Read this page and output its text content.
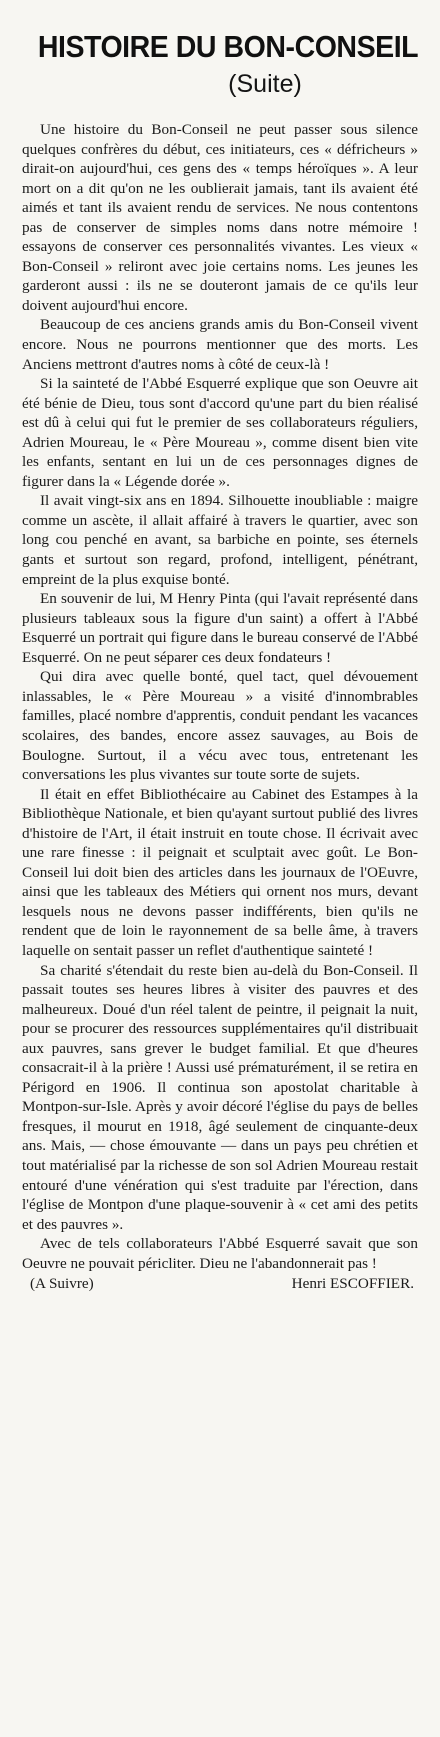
HISTOIRE DU BON-CONSEIL
(Suite)

Une histoire du Bon-Conseil ne peut passer sous silence quelques confrères du début, ces initiateurs, ces « défricheurs » dirait-on aujourd'hui, ces gens des « temps héroïques ». A leur mort on a dit qu'on ne les oublierait jamais, tant ils avaient été aimés et tant ils avaient rendu de services. Ne nous contentons pas de conserver de simples noms dans notre mémoire ! essayons de conserver ces personnalités vivantes. Les vieux « Bon-Conseil » reliront avec joie certains noms. Les jeunes les garderont aussi : ils ne se douteront jamais de ce qu'ils leur doivent aujourd'hui encore.

Beaucoup de ces anciens grands amis du Bon-Conseil vivent encore. Nous ne pourrons mentionner que des morts. Les Anciens mettront d'autres noms à côté de ceux-là !

Si la sainteté de l'Abbé Esquerré explique que son Oeuvre ait été bénie de Dieu, tous sont d'accord qu'une part du bien réalisé est dû à celui qui fut le premier de ses collaborateurs réguliers, Adrien Moureau, le « Père Moureau », comme disent bien vite les enfants, sentant en lui un de ces personnages dignes de figurer dans la « Légende dorée ».

Il avait vingt-six ans en 1894. Silhouette inoubliable : maigre comme un ascète, il allait affairé à travers le quartier, avec son long cou penché en avant, sa barbiche en pointe, ses éternels gants et surtout son regard, profond, intelligent, pénétrant, empreint de la plus exquise bonté.

En souvenir de lui, M Henry Pinta (qui l'avait représenté dans plusieurs tableaux sous la figure d'un saint) a offert à l'Abbé Esquerré un portrait qui figure dans le bureau conservé de l'Abbé Esquerré. On ne peut séparer ces deux fondateurs !

Qui dira avec quelle bonté, quel tact, quel dévouement inlassables, le « Père Moureau » a visité d'innombrables familles, placé nombre d'apprentis, conduit pendant les vacances scolaires, des bandes, encore assez sauvages, au Bois de Boulogne. Surtout, il a vécu avec tous, entretenant les conversations les plus vivantes sur toute sorte de sujets.

Il était en effet Bibliothécaire au Cabinet des Estampes à la Bibliothèque Nationale, et bien qu'ayant surtout publié des livres d'histoire de l'Art, il était instruit en toute chose. Il écrivait avec une rare finesse : il peignait et sculptait avec goût. Le Bon-Conseil lui doit bien des articles dans les journaux de l'OEuvre, ainsi que les tableaux des Métiers qui ornent nos murs, devant lesquels nous ne devons passer indifférents, bien qu'ils ne rendent que de loin le rayonnement de sa belle âme, à travers laquelle on sentait passer un reflet d'authentique sainteté !

Sa charité s'étendait du reste bien au-delà du Bon-Conseil. Il passait toutes ses heures libres à visiter des pauvres et des malheureux. Doué d'un réel talent de peintre, il peignait la nuit, pour se procurer des ressources supplémentaires qu'il distribuait aux pauvres, sans grever le budget familial. Et que d'heures consacrait-il à la prière ! Aussi usé prématurément, il se retira en Périgord en 1906. Il continua son apostolat charitable à Montpon-sur-Isle. Après y avoir décoré l'église du pays de belles fresques, il mourut en 1918, âgé seulement de cinquante-deux ans. Mais, — chose émouvante — dans un pays peu chrétien et tout matérialisé par la richesse de son sol Adrien Moureau restait entouré d'une vénération qui s'est traduite par l'érection, dans l'église de Montpon d'une plaque-souvenir à « cet ami des petits et des pauvres ».

Avec de tels collaborateurs l'Abbé Esquerré savait que son Oeuvre ne pouvait péricliter. Dieu ne l'abandonnerait pas !

(A Suivre)	Henri ESCOFFIER.
